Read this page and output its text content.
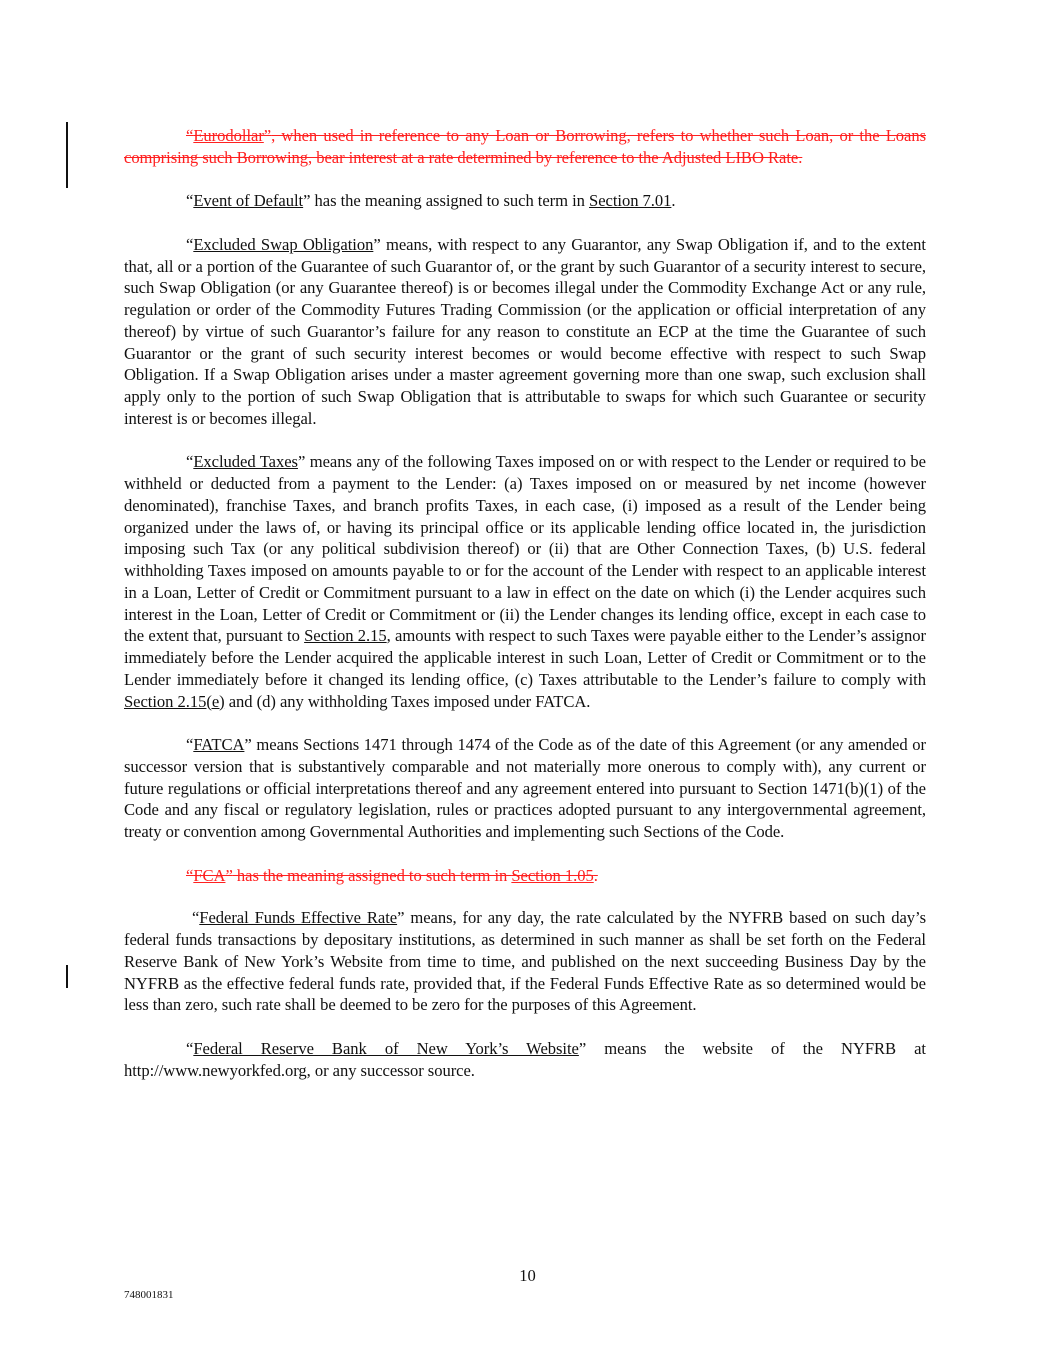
“Eurodollar”, when used in reference to any Loan or Borrowing, refers to whether such Loan, or the Loans comprising such Borrowing, bear interest at a rate determined by reference to the Adjusted LIBO Rate.

“Event of Default” has the meaning assigned to such term in Section 7.01.

“Excluded Swap Obligation” means, with respect to any Guarantor, any Swap Obligation if, and to the extent that, all or a portion of the Guarantee of such Guarantor of, or the grant by such Guarantor of a security interest to secure, such Swap Obligation (or any Guarantee thereof) is or becomes illegal under the Commodity Exchange Act or any rule, regulation or order of the Commodity Futures Trading Commission (or the application or official interpretation of any thereof) by virtue of such Guarantor’s failure for any reason to constitute an ECP at the time the Guarantee of such Guarantor or the grant of such security interest becomes or would become effective with respect to such Swap Obligation. If a Swap Obligation arises under a master agreement governing more than one swap, such exclusion shall apply only to the portion of such Swap Obligation that is attributable to swaps for which such Guarantee or security interest is or becomes illegal.

“Excluded Taxes” means any of the following Taxes imposed on or with respect to the Lender or required to be withheld or deducted from a payment to the Lender: (a) Taxes imposed on or measured by net income (however denominated), franchise Taxes, and branch profits Taxes, in each case, (i) imposed as a result of the Lender being organized under the laws of, or having its principal office or its applicable lending office located in, the jurisdiction imposing such Tax (or any political subdivision thereof) or (ii) that are Other Connection Taxes, (b) U.S. federal withholding Taxes imposed on amounts payable to or for the account of the Lender with respect to an applicable interest in a Loan, Letter of Credit or Commitment pursuant to a law in effect on the date on which (i) the Lender acquires such interest in the Loan, Letter of Credit or Commitment or (ii) the Lender changes its lending office, except in each case to the extent that, pursuant to Section 2.15, amounts with respect to such Taxes were payable either to the Lender’s assignor immediately before the Lender acquired the applicable interest in such Loan, Letter of Credit or Commitment or to the Lender immediately before it changed its lending office, (c) Taxes attributable to the Lender’s failure to comply with Section 2.15(e) and (d) any withholding Taxes imposed under FATCA.

“FATCA” means Sections 1471 through 1474 of the Code as of the date of this Agreement (or any amended or successor version that is substantively comparable and not materially more onerous to comply with), any current or future regulations or official interpretations thereof and any agreement entered into pursuant to Section 1471(b)(1) of the Code and any fiscal or regulatory legislation, rules or practices adopted pursuant to any intergovernmental agreement, treaty or convention among Governmental Authorities and implementing such Sections of the Code.

“FCA” has the meaning assigned to such term in Section 1.05.

“Federal Funds Effective Rate” means, for any day, the rate calculated by the NYFRB based on such day’s federal funds transactions by depositary institutions, as determined in such manner as shall be set forth on the Federal Reserve Bank of New York’s Website from time to time, and published on the next succeeding Business Day by the NYFRB as the effective federal funds rate, provided that, if the Federal Funds Effective Rate as so determined would be less than zero, such rate shall be deemed to be zero for the purposes of this Agreement.

“Federal Reserve Bank of New York’s Website” means the website of the NYFRB at http://www.newyorkfed.org, or any successor source.

10
748001831
